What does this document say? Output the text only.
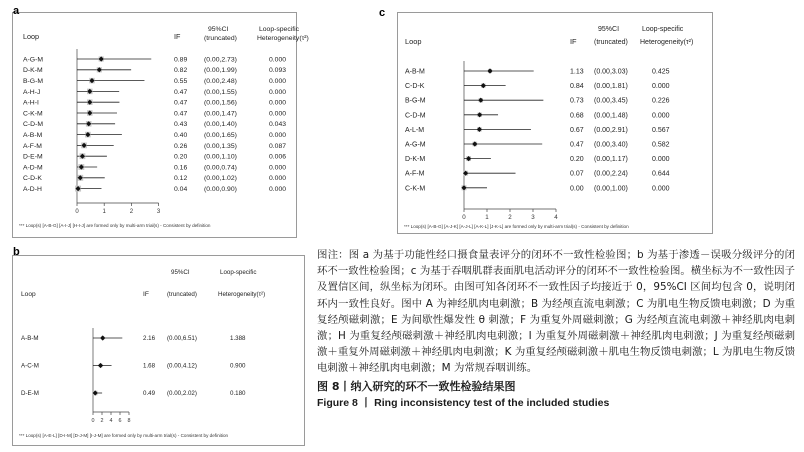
Loop	IF
95%CI
(truncated)
Loop-specific
Heterogeneity(τ²)
0	1	2	3
A-G-M	0.89 (0.00,2.73)	0.000
D-K-M	0.82 (0.00,1.99)	0.093
B-G-M	0.55 (0.00,2.48)	0.000
A-H-J	0.47 (0.00,1.55)	0.000
A-H-I	0.47 (0.00,1.56)	0.000
C-K-M	0.47 (0.00,1.47)	0.000
C-D-M	0.43 (0.00,1.40)	0.043
A-B-M	0.40 (0.00,1.65)	0.000
A-F-M	0.26 (0.00,1.35)	0.087
D-E-M	0.20 (0.00,1.10)	0.006
A-D-M	0.16 (0.00,0.74)	0.000
C-D-K	0.12 (0.00,1.02)	0.000
A-D-H	0.04 (0.00,0.90)	0.000
*** Loop(s) [A-B-G] [A-I-J] [H-I-J] are formed only by multi-arm trial(s) - Consistent by definition
a
Loop	IF
95%CI
(truncated)
Loop-specific
Heterogeneity(τ²)
0 2 4 6 8
A-B-M	2.16 (0.00,6.51)	1.388
A-C-M	1.68 (0.00,4.12)	0.900
D-E-M	0.49 (0.00,2.02)	0.180
*** Loop(s) [A-E-L] [D-I-M] [D-J-M] [I-J-M] are formed only by multi-arm trial(s) - Consistent by definition
b
Loop	IF
95%CI
(truncated)
Loop-specific
Heterogeneity(τ²)
0	1	2	3	4
A-B-M	1.13 (0.00,3.03)	0.425
C-D-K	0.84 (0.00,1.81)	0.000
B-G-M	0.73 (0.00,3.45)	0.226
C-D-M	0.68 (0.00,1.48)	0.000
A-L-M	0.67 (0.00,2.91)	0.567
A-G-M	0.47 (0.00,3.40)	0.582
D-K-M	0.20 (0.00,1.17)	0.000
A-F-M	0.07 (0.00,2.24)	0.644
C-K-M	0.00 (0.00,1.00)	0.000
*** Loop(s) [A-B-G] [A-J-K] [A-J-L] [A-K-L] [J-K-L] are formed only by multi-arm trial(s) - Consistent by definition
c

图注：图 a 为基于功能性经口摄食量表评分的闭环不一致性检验图；b 为基于渗透－误吸分级评分的闭环不一致性检验图；c 为基于吞咽肌群表面肌电活动评分的闭环不一致性检验图。横坐标为不一致性因子及置信区间，纵坐标为闭环。由图可知各闭环不一致性因子均接近于 0，95%CI 区间均包含 0，说明闭环内一致性良好。图中 A 为神经肌肉电刺激；B 为经颅直流电刺激；C 为肌电生物反馈电刺激；D 为重复经颅磁刺激；E 为间歇性爆发性 θ 刺激；F 为重复外周磁刺激；G 为经颅直流电刺激＋神经肌肉电刺激；H 为重复经颅磁刺激＋神经肌肉电刺激；I 为重复外周磁刺激＋神经肌肉电刺激；J 为重复经颅磁刺激＋重复外周磁刺激＋神经肌肉电刺激；K 为重复经颅磁刺激＋肌电生物反馈电刺激；L 为肌电生物反馈电刺激＋神经肌肉电刺激；M 为常规吞咽训练。

图 8丨纳入研究的环不一致性检验结果图

Figure 8 丨 Ring inconsistency test of the included studies
